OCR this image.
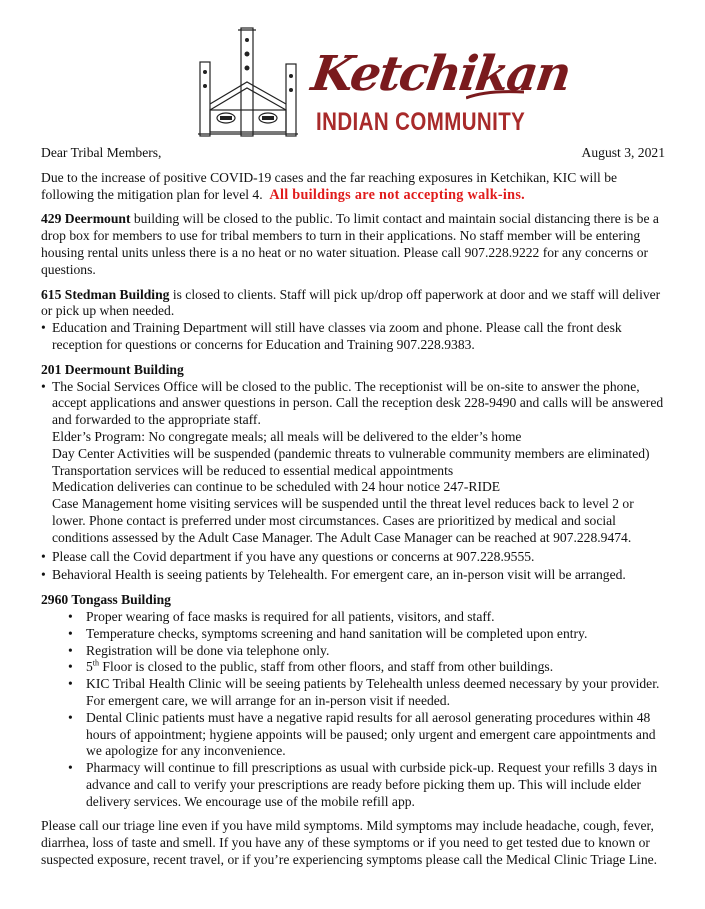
Ketchikan
INDIAN COMMUNITY
Dear Tribal Members,	August 3, 2021

Due to the increase of positive COVID-19 cases and the far reaching exposures in Ketchikan, KIC will be following the mitigation plan for level 4. All buildings are not accepting walk-ins.

429 Deermount building will be closed to the public. To limit contact and maintain social distancing there is be a drop box for members to use for tribal members to turn in their applications. No staff member will be entering housing rental units unless there is a no heat or no water situation. Please call 907.228.9222 for any concerns or questions.

615 Stedman Building is closed to clients. Staff will pick up/drop off paperwork at door and we staff will deliver or pick up when needed.
• Education and Training Department will still have classes via zoom and phone. Please call the front desk reception for questions or concerns for Education and Training 907.228.9383.
201 Deermount Building
• The Social Services Office will be closed to the public. The receptionist will be on-site to answer the phone, accept applications and answer questions in person. Call the reception desk 228-9490 and calls will be answered and forwarded to the appropriate staff.
Elder’s Program: No congregate meals; all meals will be delivered to the elder’s home
Day Center Activities will be suspended (pandemic threats to vulnerable community members are eliminated)
Transportation services will be reduced to essential medical appointments
Medication deliveries can continue to be scheduled with 24 hour notice 247-RIDE
Case Management home visiting services will be suspended until the threat level reduces back to level 2 or lower. Phone contact is preferred under most circumstances. Cases are prioritized by medical and social conditions assessed by the Adult Case Manager. The Adult Case Manager can be reached at 907.228.9474.
• Please call the Covid department if you have any questions or concerns at 907.228.9555.
• Behavioral Health is seeing patients by Telehealth. For emergent care, an in-person visit will be arranged.
2960 Tongass Building
• Proper wearing of face masks is required for all patients, visitors, and staff.
• Temperature checks, symptoms screening and hand sanitation will be completed upon entry.
• Registration will be done via telephone only.
• 5th Floor is closed to the public, staff from other floors, and staff from other buildings.
• KIC Tribal Health Clinic will be seeing patients by Telehealth unless deemed necessary by your provider. For emergent care, we will arrange for an in-person visit if needed.
• Dental Clinic patients must have a negative rapid results for all aerosol generating procedures within 48 hours of appointment; hygiene appoints will be paused; only urgent and emergent care appointments and we apologize for any inconvenience.
• Pharmacy will continue to fill prescriptions as usual with curbside pick-up. Request your refills 3 days in advance and call to verify your prescriptions are ready before picking them up. This will include elder delivery services. We encourage use of the mobile refill app.

Please call our triage line even if you have mild symptoms. Mild symptoms may include headache, cough, fever, diarrhea, loss of taste and smell. If you have any of these symptoms or if you need to get tested due to known or suspected exposure, recent travel, or if you’re experiencing symptoms please call the Medical Clinic Triage Line.
